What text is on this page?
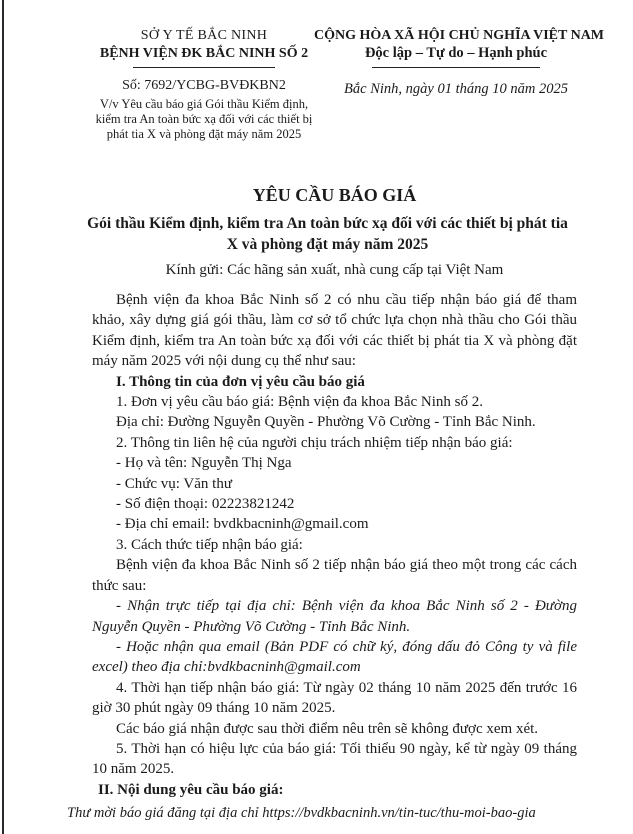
SỞ Y TẾ BẮC NINH
BỆNH VIỆN ĐK BẮC NINH SỐ 2
Số: 7692/YCBG-BVĐKBN2
V/v Yêu cầu báo giá Gói thầu Kiểm định, kiểm tra An toàn bức xạ đối với các thiết bị phát tia X và phòng đặt máy năm 2025
CỘNG HÒA XÃ HỘI CHỦ NGHĨA VIỆT NAM
Độc lập – Tự do – Hạnh phúc
Bắc Ninh, ngày 01 tháng 10 năm 2025
YÊU CẦU BÁO GIÁ
Gói thầu Kiểm định, kiểm tra An toàn bức xạ đối với các thiết bị phát tia X và phòng đặt máy năm 2025
Kính gửi: Các hãng sản xuất, nhà cung cấp tại Việt Nam

Bệnh viện đa khoa Bắc Ninh số 2 có nhu cầu tiếp nhận báo giá để tham khảo, xây dựng giá gói thầu, làm cơ sở tổ chức lựa chọn nhà thầu cho Gói thầu Kiểm định, kiểm tra An toàn bức xạ đối với các thiết bị phát tia X và phòng đặt máy năm 2025 với nội dung cụ thể như sau:

I. Thông tin của đơn vị yêu cầu báo giá

1. Đơn vị yêu cầu báo giá: Bệnh viện đa khoa Bắc Ninh số 2.

Địa chỉ: Đường Nguyễn Quyền - Phường Võ Cường - Tỉnh Bắc Ninh.

2. Thông tin liên hệ của người chịu trách nhiệm tiếp nhận báo giá:

- Họ và tên: Nguyễn Thị Nga

- Chức vụ: Văn thư

- Số điện thoại: 02223821242

- Địa chỉ email: bvdkbacninh@gmail.com

3. Cách thức tiếp nhận báo giá:

Bệnh viện đa khoa Bắc Ninh số 2 tiếp nhận báo giá theo một trong các cách thức sau:

- Nhận trực tiếp tại địa chỉ: Bệnh viện đa khoa Bắc Ninh số 2 - Đường Nguyễn Quyền - Phường Võ Cường - Tỉnh Bắc Ninh.

- Hoặc nhận qua email (Bản PDF có chữ ký, đóng dấu đỏ Công ty và file excel) theo địa chỉ:bvdkbacninh@gmail.com

4. Thời hạn tiếp nhận báo giá: Từ ngày 02 tháng 10 năm 2025 đến trước 16 giờ 30 phút ngày 09 tháng 10 năm 2025.

Các báo giá nhận được sau thời điểm nêu trên sẽ không được xem xét.

5. Thời hạn có hiệu lực của báo giá: Tối thiểu 90 ngày, kể từ ngày 09 tháng 10 năm 2025.

II. Nội dung yêu cầu báo giá:

Thư mời báo giá đăng tại địa chỉ https://bvdkbacninh.vn/tin-tuc/thu-moi-bao-gia
